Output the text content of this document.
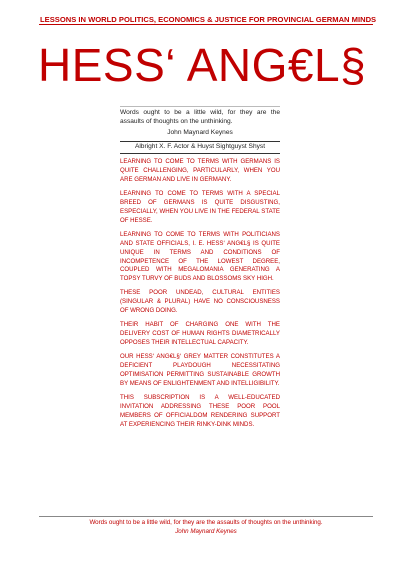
LESSONS IN WORLD POLITICS, ECONOMICS & JUSTICE FOR PROVINCIAL GERMAN MINDS
HESS‘ ANG€L§
Words ought to be a little wild, for they are the assaults of thoughts on the unthinking.
John Maynard Keynes
Albright X. F. Actor & Huyst Sightguyst Shyst

LEARNING TO COME TO TERMS WITH GERMANS IS QUITE CHALLENGING, PARTICULARLY, WHEN YOU ARE GERMAN AND LIVE IN GERMANY.

LEARNING TO COME TO TERMS WITH A SPECIAL BREED OF GERMANS IS QUITE DISGUSTING, ESPECIALLY, WHEN YOU LIVE IN THE FEDERAL STATE OF HESSE.

LEARNING TO COME TO TERMS WITH POLITICIANS AND STATE OFFICIALS, I. E. HESS‘ ANG€L§ IS QUITE UNIQUE IN TERMS AND CONDITIONS OF INCOMPETENCE OF THE LOWEST DEGREE, COUPLED WITH MEGALOMANIA GENERATING A TOPSY TURVY OF BUDS AND BLOSSOMS SKY HIGH.

THESE POOR UNDEAD, CULTURAL ENTITIES (SINGULAR & PLURAL) HAVE NO CONSCIOUSNESS OF WRONG DOING.

THEIR HABIT OF CHARGING ONE WITH THE DELIVERY COST OF HUMAN RIGHTS DIAMETRICALLY OPPOSES THEIR INTELLECTUAL CAPACITY.

OUR HESS‘ ANG€L§‘ GREY MATTER CONSTITUTES A DEFICIENT PLAYDOUGH NECESSITATING OPTIMISATION PERMITTING SUSTAINABLE GROWTH BY MEANS OF ENLIGHTENMENT AND INTELLIGIBILITY.

THIS SUBSCRIPTION IS A WELL-EDUCATED INVITATION ADDRESSING THESE POOR POOL MEMBERS OF OFFICIALDOM RENDERING SUPPORT AT EXPERIENCING THEIR RINKY-DINK MINDS.

Words ought to be a little wild, for they are the assaults of thoughts on the unthinking.
John Maynard Keynes
